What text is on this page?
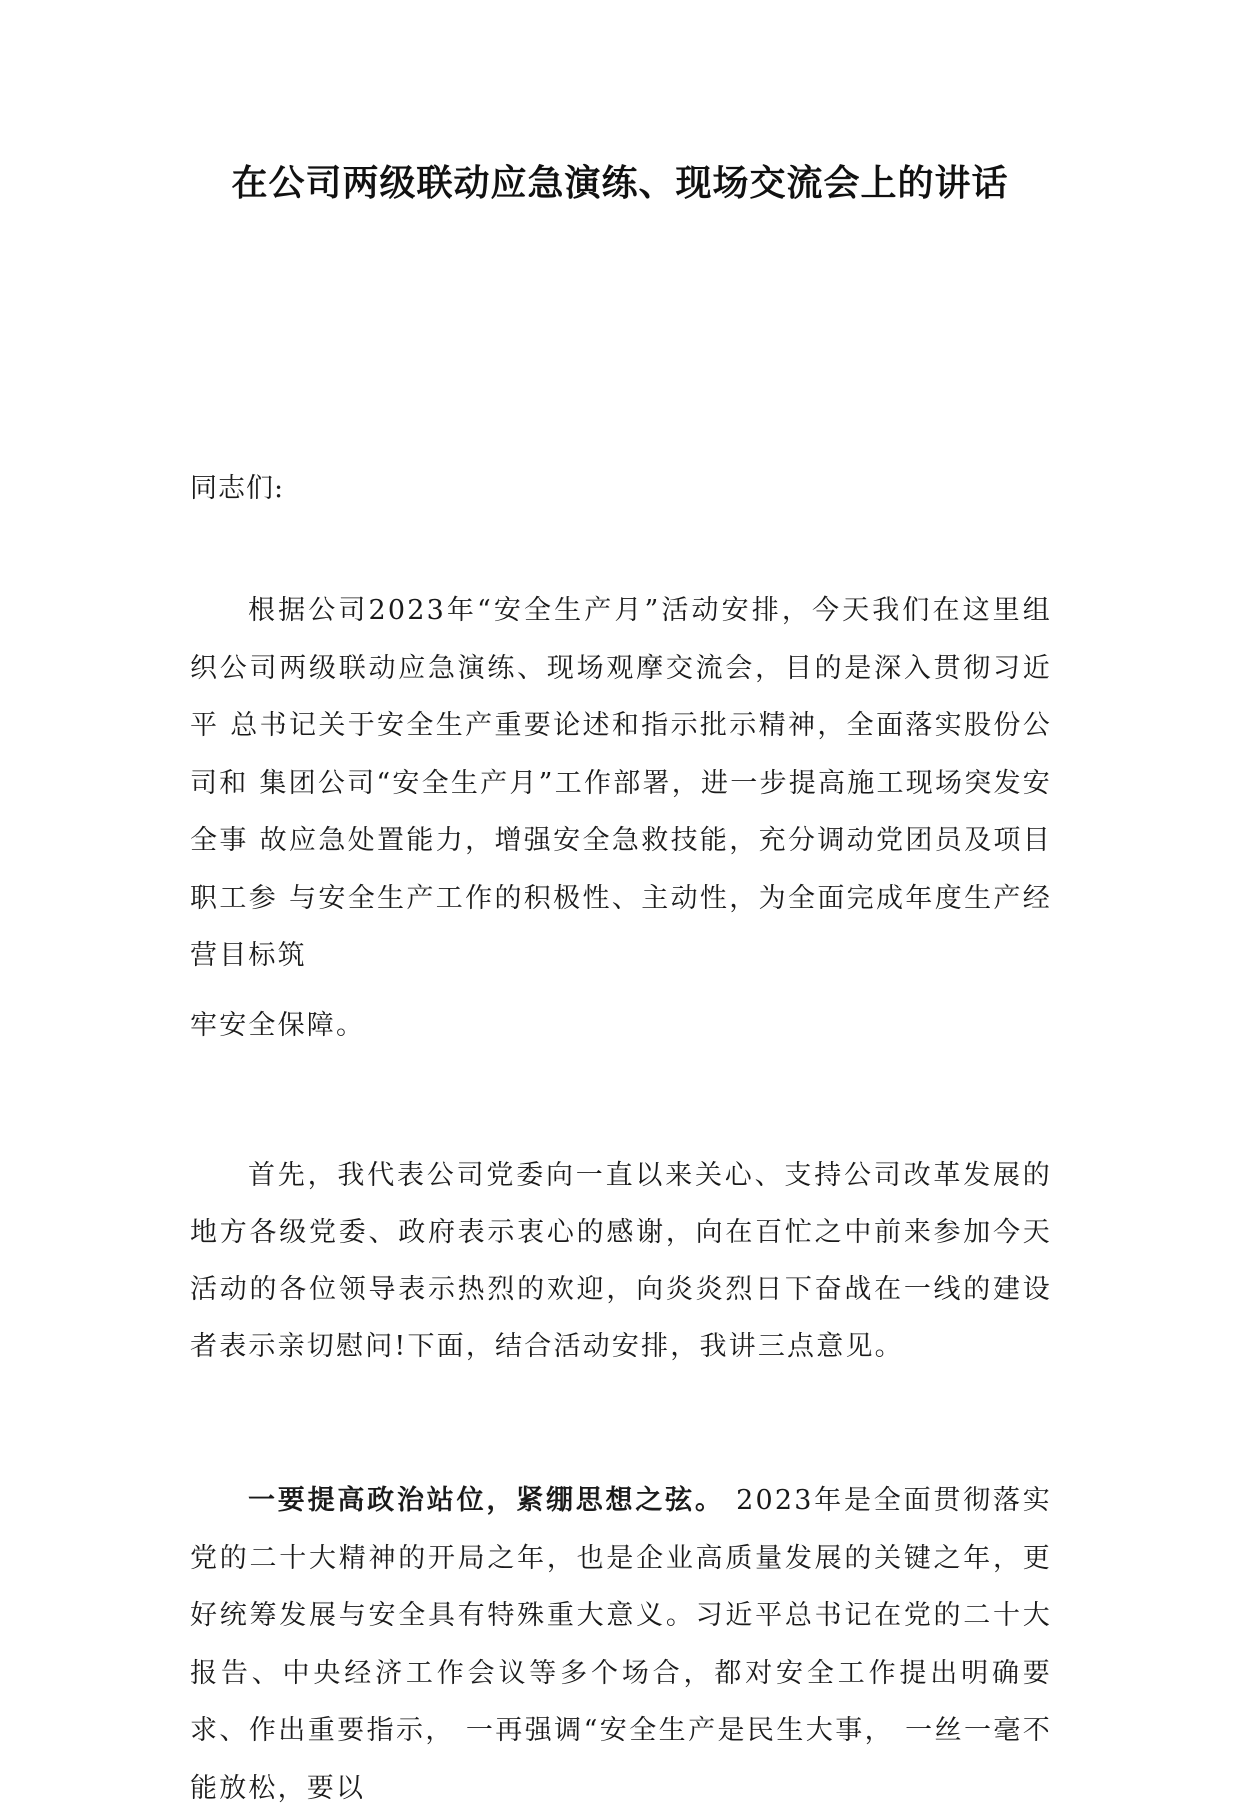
在公司两级联动应急演练、现场交流会上的讲话
同志们:

根据公司2023年“安全生产月”活动安排，今天我们在这里组 织公司两级联动应急演练、现场观摩交流会，目的是深入贯彻习近平 总书记关于安全生产重要论述和指示批示精神，全面落实股份公司和 集团公司“安全生产月”工作部署，进一步提高施工现场突发安全事 故应急处置能力，增强安全急救技能，充分调动党团员及项目职工参 与安全生产工作的积极性、主动性，为全面完成年度生产经营目标筑

牢安全保障。

首先，我代表公司党委向一直以来关心、支持公司改革发展的地方各级党委、政府表示衷心的感谢，向在百忙之中前来参加今天活动的各位领导表示热烈的欢迎，向炎炎烈日下奋战在一线的建设者表示亲切慰问!下面，结合活动安排，我讲三点意见。

一要提高政治站位，紧绷思想之弦。 2023年是全面贯彻落实党的二十大精神的开局之年，也是企业高质量发展的关键之年，更好统筹发展与安全具有特殊重大意义。习近平总书记在党的二十大报告、中央经济工作会议等多个场合，都对安全工作提出明确要求、作出重要指示， 一再强调“安全生产是民生大事， 一丝一毫不能放松，要以
